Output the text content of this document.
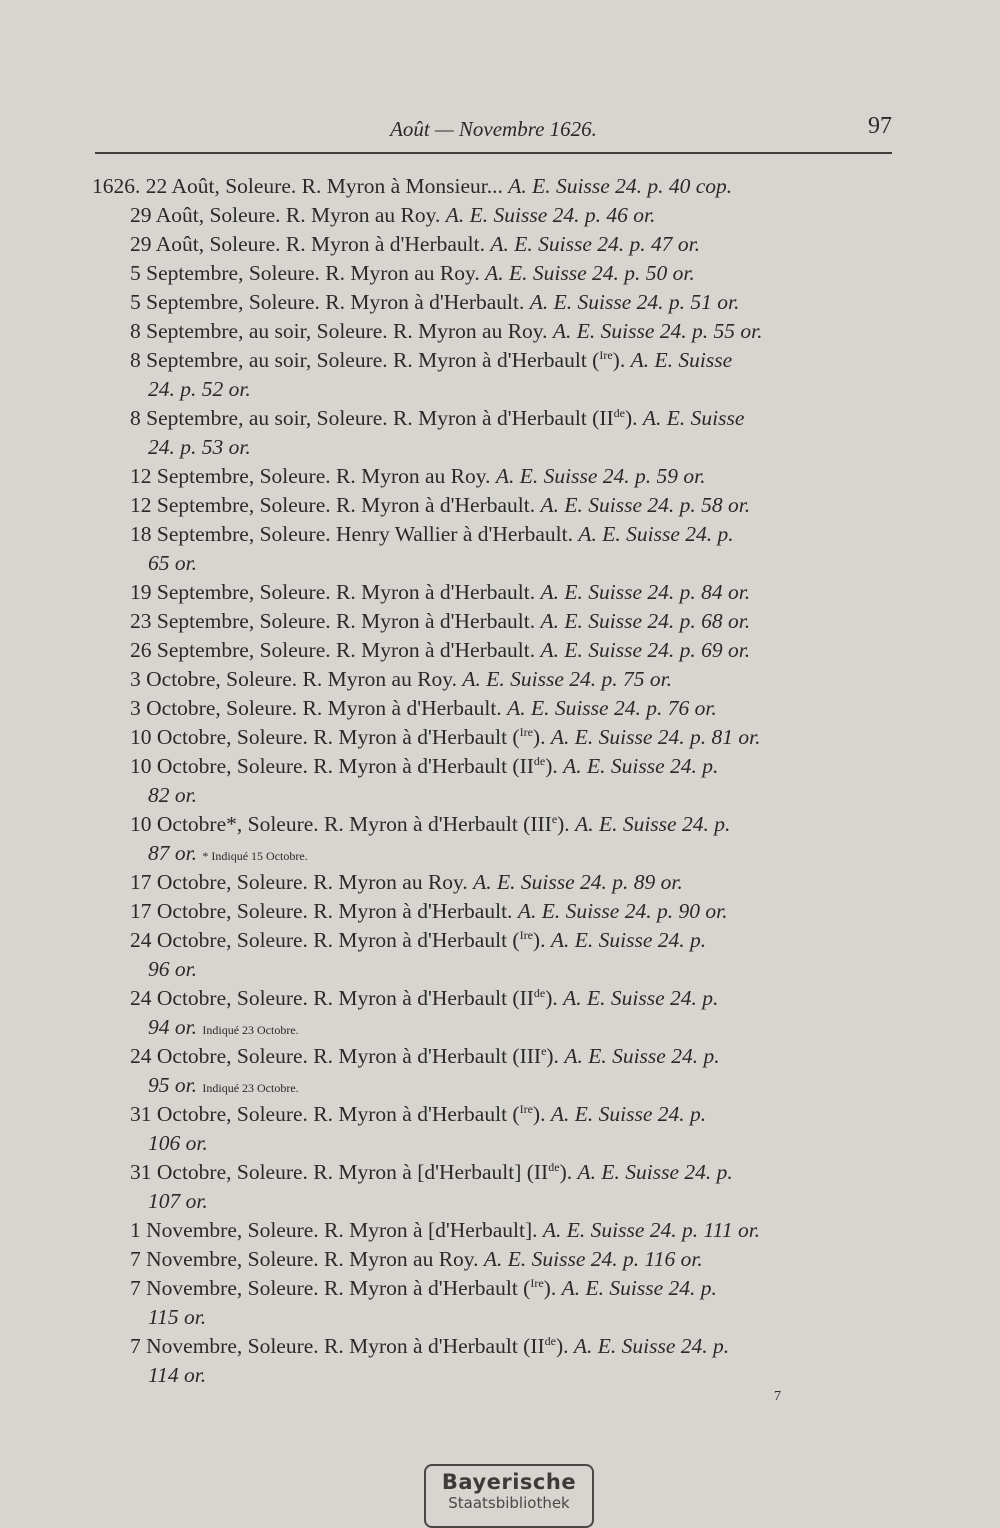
Août — Novembre 1626.	97
1626. 22 Août, Soleure. R. Myron à Monsieur... A. E. Suisse 24. p. 40 cop.
29 Août, Soleure. R. Myron au Roy. A. E. Suisse 24. p. 46 or.
29 Août, Soleure. R. Myron à d'Herbault. A. E. Suisse 24. p. 47 or.
5 Septembre, Soleure. R. Myron au Roy. A. E. Suisse 24. p. 50 or.
5 Septembre, Soleure. R. Myron à d'Herbault. A. E. Suisse 24. p. 51 or.
8 Septembre, au soir, Soleure. R. Myron au Roy. A. E. Suisse 24. p. 55 or.
8 Septembre, au soir, Soleure. R. Myron à d'Herbault ($^{Ire}$). A. E. Suisse
24. p. 52 or.
8 Septembre, au soir, Soleure. R. Myron à d'Herbault (IIde). A. E. Suisse
24. p. 53 or.
12 Septembre, Soleure. R. Myron au Roy. A. E. Suisse 24. p. 59 or.
12 Septembre, Soleure. R. Myron à d'Herbault. A. E. Suisse 24. p. 58 or.
18 Septembre, Soleure. Henry Wallier à d'Herbault. A. E. Suisse 24. p.
65 or.
19 Septembre, Soleure. R. Myron à d'Herbault. A. E. Suisse 24. p. 84 or.
23 Septembre, Soleure. R. Myron à d'Herbault. A. E. Suisse 24. p. 68 or.
26 Septembre, Soleure. R. Myron à d'Herbault. A. E. Suisse 24. p. 69 or.
3 Octobre, Soleure. R. Myron au Roy. A. E. Suisse 24. p. 75 or.
3 Octobre, Soleure. R. Myron à d'Herbault. A. E. Suisse 24. p. 76 or.
10 Octobre, Soleure. R. Myron à d'Herbault ($^{Ire}$). A. E. Suisse 24. p. 81 or.
10 Octobre, Soleure. R. Myron à d'Herbault (IIde). A. E. Suisse 24. p.
82 or.
10 Octobre*, Soleure. R. Myron à d'Herbault (IIIe). A. E. Suisse 24. p.
87 or. * Indiqué 15 Octobre.
17 Octobre, Soleure. R. Myron au Roy. A. E. Suisse 24. p. 89 or.
17 Octobre, Soleure. R. Myron à d'Herbault. A. E. Suisse 24. p. 90 or.
24 Octobre, Soleure. R. Myron à d'Herbault ($^{Ire}$). A. E. Suisse 24. p.
96 or.
24 Octobre, Soleure. R. Myron à d'Herbault (IIde). A. E. Suisse 24. p.
94 or. Indiqué 23 Octobre.
24 Octobre, Soleure. R. Myron à d'Herbault (IIIe). A. E. Suisse 24. p.
95 or. Indiqué 23 Octobre.
31 Octobre, Soleure. R. Myron à d'Herbault ($^{Ire}$). A. E. Suisse 24. p.
106 or.
31 Octobre, Soleure. R. Myron à [d'Herbault] (IIde). A. E. Suisse 24. p.
107 or.
1 Novembre, Soleure. R. Myron à [d'Herbault]. A. E. Suisse 24. p. 111 or.
7 Novembre, Soleure. R. Myron au Roy. A. E. Suisse 24. p. 116 or.
7 Novembre, Soleure. R. Myron à d'Herbault ($^{Ire}$). A. E. Suisse 24. p.
115 or.
7 Novembre, Soleure. R. Myron à d'Herbault (IIde). A. E. Suisse 24. p.
114 or.
7
Bayerische
Staatsbibliothek
